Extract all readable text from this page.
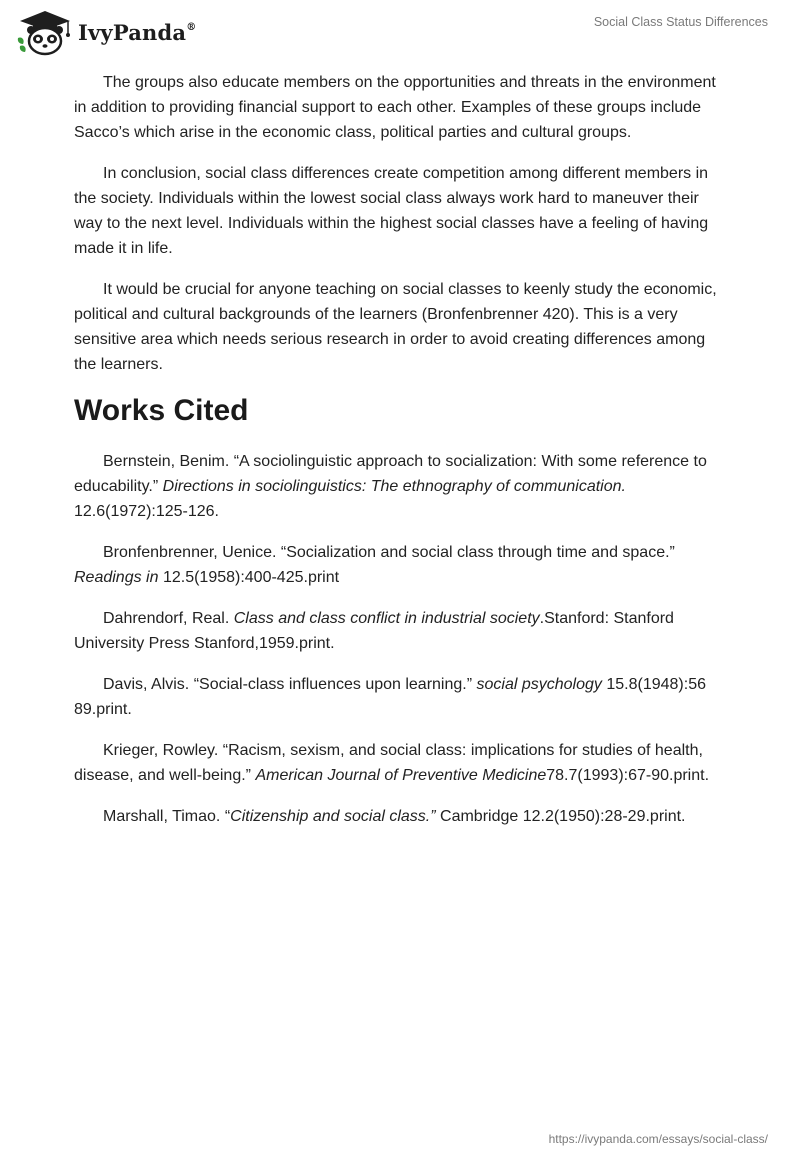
IvyPanda®	Social Class Status Differences

The groups also educate members on the opportunities and threats in the environment in addition to providing financial support to each other. Examples of these groups include Sacco’s which arise in the economic class, political parties and cultural groups.

In conclusion, social class differences create competition among different members in the society. Individuals within the lowest social class always work hard to maneuver their way to the next level. Individuals within the highest social classes have a feeling of having made it in life.

It would be crucial for anyone teaching on social classes to keenly study the economic, political and cultural backgrounds of the learners (Bronfenbrenner 420). This is a very sensitive area which needs serious research in order to avoid creating differences among the learners.

Works Cited

Bernstein, Benim. “A sociolinguistic approach to socialization: With some reference to educability.” Directions in sociolinguistics: The ethnography of communication. 12.6(1972):125-126.

Bronfenbrenner, Uenice. “Socialization and social class through time and space.” Readings in 12.5(1958):400-425.print

Dahrendorf, Real. Class and class conflict in industrial society.Stanford: Stanford University Press Stanford,1959.print.

Davis, Alvis. “Social-class influences upon learning.” social psychology 15.8(1948):56 89.print.

Krieger, Rowley. “Racism, sexism, and social class: implications for studies of health, disease, and well-being.” American Journal of Preventive Medicine78.7(1993):67-90.print.

Marshall, Timao. “Citizenship and social class.” Cambridge 12.2(1950):28-29.print.

https://ivypanda.com/essays/social-class/
